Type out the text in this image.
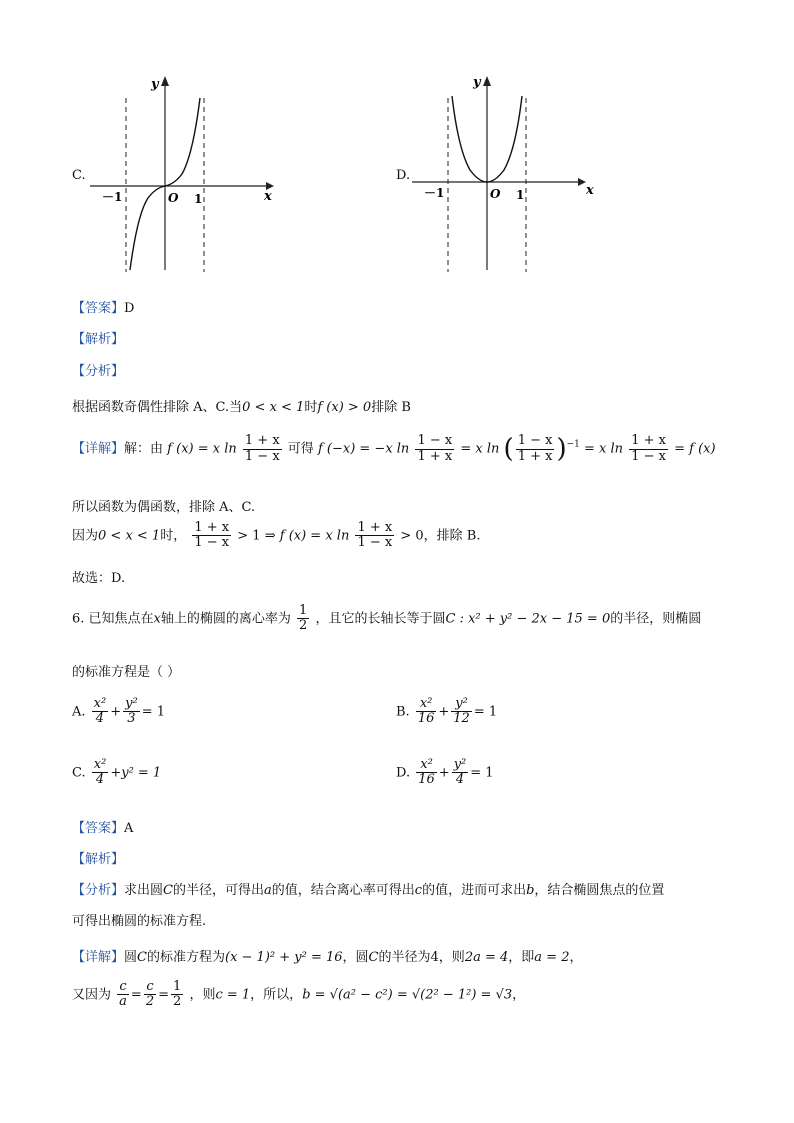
C.
y
x
O
－1	1
D.
y
x
O
－1	1
【答案】D
【解析】
【分析】
根据函数奇偶性排除 A、C.当0 < x < 1时f (x) > 0排除 B
【详解】解：由 f (x) = x $\ln \frac{1 + x}{1 - x}$ 可得 f (−x) = −x $\ln \frac{1 - x}{1 + x} = x$ ln ( $\frac{1 - x}{1 + x} )^{-1} = x$ $\ln \frac{1 + x}{1 - x} = f$ (x)
所以函数为偶函数，排除 A、C.
因为0 < x < 1时， $\frac{1 + x}{1 - x} > 1$ ⇒ f (x) = x $\ln \frac{1 + x}{1 - x} > 0$，排除 B.
故选：D.
6. 已知焦点在x轴上的椭圆的离心率为 $\frac{1}{2}$ ，且它的长轴长等于圆C : x² + y² − 2x − 15 = 0的半径，则椭圆
的标准方程是（ ）
A. $\frac{\text{x²}}{4} + \frac{\text{y²}}{3} = 1$	B. $\frac{\text{x²}}{16} + \frac{\text{y²}}{12} = 1$
C. $\frac{\text{x²}}{4} +y^2 = 1$	D. $\frac{\text{x²}}{16} + \frac{\text{y²}}{4} = 1$
【答案】A
【解析】
【分析】求出圆C的半径，可得出a的值，结合离心率可得出c的值，进而可求出b，结合椭圆焦点的位置
可得出椭圆的标准方程.
【详解】圆C的标准方程为(x − 1)² + y² = 16，圆C的半径为4，则2a = 4，即a = 2，
又因为 $\frac{c}{a} = \frac{c}{2} = \frac{1}{2}$ ，则c = 1，所以，b = √(a² − c²) = √(2² − 1²) = √3，
